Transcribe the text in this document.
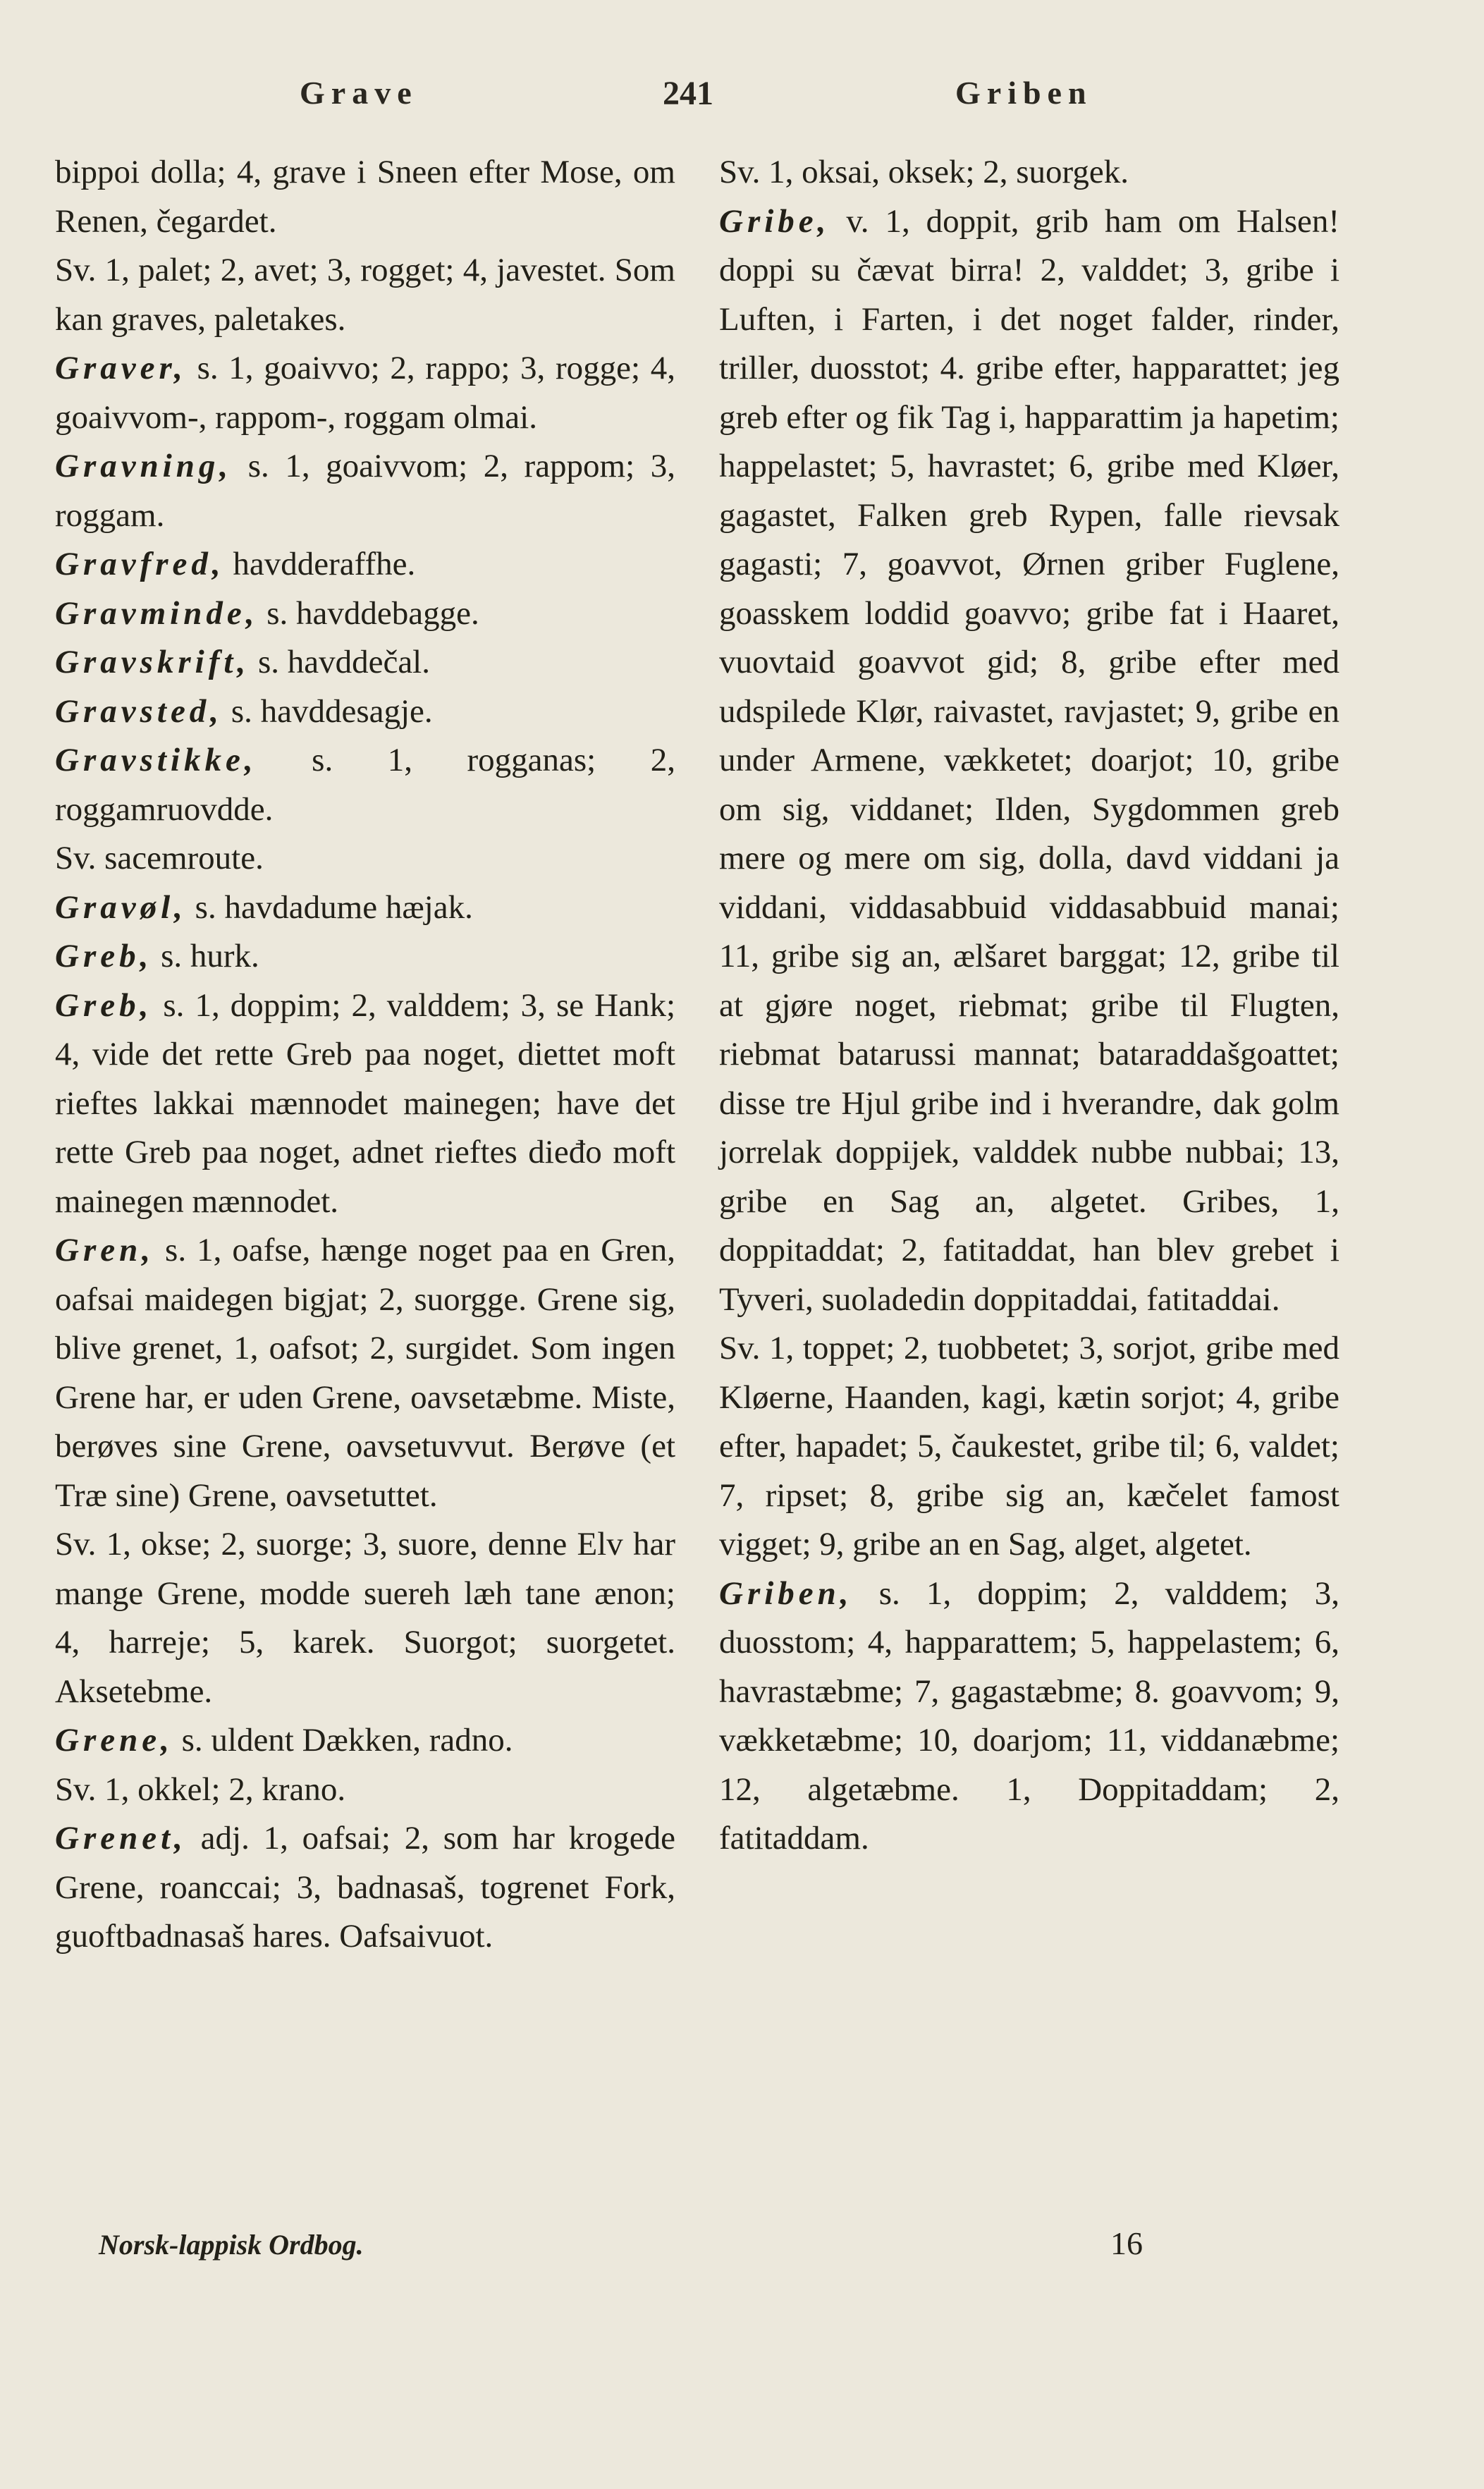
Grave	241	Griben

bippoi dolla; 4, grave i Sneen efter Mose, om Renen, čegardet.

Sv. 1, palet; 2, avet; 3, rogget; 4, javestet. Som kan graves, paletakes.

Graver, s. 1, goaivvo; 2, rappo; 3, rogge; 4, goaivvom-, rappom-, roggam olmai.

Gravning, s. 1, goaivvom; 2, rappom; 3, roggam.

Gravfred, havdderaffhe.

Gravminde, s. havddebagge.

Gravskrift, s. havddečal.

Gravsted, s. havddesagje.

Gravstikke, s. 1, rogganas; 2, roggamruovdde.

Sv. sacemroute.

Gravøl, s. havdadume hæjak.

Greb, s. hurk.

Greb, s. 1, doppim; 2, valddem; 3, se Hank; 4, vide det rette Greb paa noget, diettet moft rieftes lakkai mænnodet mainegen; have det rette Greb paa noget, adnet rieftes dieđo moft mainegen mænnodet.

Gren, s. 1, oafse, hænge noget paa en Gren, oafsai maidegen bigjat; 2, suorgge. Grene sig, blive grenet, 1, oafsot; 2, surgidet. Som ingen Grene har, er uden Grene, oavsetæbme. Miste, berøves sine Grene, oavsetuvvut. Berøve (et Træ sine) Grene, oavsetuttet.

Sv. 1, okse; 2, suorge; 3, suore, denne Elv har mange Grene, modde suereh læh tane ænon; 4, harreje; 5, karek. Suorgot; suorgetet. Aksetebme.

Grene, s. uldent Dækken, radno.

Sv. 1, okkel; 2, krano.

Grenet, adj. 1, oafsai; 2, som har krogede Grene, roanccai; 3, badnasaš, togrenet Fork, guoftbadnasaš hares. Oafsaivuot.

Sv. 1, oksai, oksek; 2, suorgek.

Gribe, v. 1, doppit, grib ham om Halsen! doppi su čævat birra! 2, valddet; 3, gribe i Luften, i Farten, i det noget falder, rinder, triller, duosstot; 4. gribe efter, happarattet; jeg greb efter og fik Tag i, happarattim ja hapetim; happelastet; 5, havrastet; 6, gribe med Kløer, gagastet, Falken greb Rypen, falle rievsak gagasti; 7, goavvot, Ørnen griber Fuglene, goasskem loddid goavvo; gribe fat i Haaret, vuovtaid goavvot gid; 8, gribe efter med udspilede Klør, raivastet, ravjastet; 9, gribe en under Armene, vækketet; doarjot; 10, gribe om sig, viddanet; Ilden, Sygdommen greb mere og mere om sig, dolla, davd viddani ja viddani, viddasabbuid viddasabbuid manai; 11, gribe sig an, ælšaret barggat; 12, gribe til at gjøre noget, riebmat; gribe til Flugten, riebmat batarussi mannat; bataraddašgoattet; disse tre Hjul gribe ind i hverandre, dak golm jorrelak doppijek, valddek nubbe nubbai; 13, gribe en Sag an, algetet. Gribes, 1, doppitaddat; 2, fatitaddat, han blev grebet i Tyveri, suoladedin doppitaddai, fatitaddai.

Sv. 1, toppet; 2, tuobbetet; 3, sorjot, gribe med Kløerne, Haanden, kagi, kætin sorjot; 4, gribe efter, hapadet; 5, čaukestet, gribe til; 6, valdet; 7, ripset; 8, gribe sig an, kæčelet famost vigget; 9, gribe an en Sag, alget, algetet.

Griben, s. 1, doppim; 2, valddem; 3, duosstom; 4, happarattem; 5, happelastem; 6, havrastæbme; 7, gagastæbme; 8. goavvom; 9, vækketæbme; 10, doarjom; 11, viddanæbme; 12, algetæbme. 1, Doppitaddam; 2, fatitaddam.

Norsk-lappisk Ordbog.	16
